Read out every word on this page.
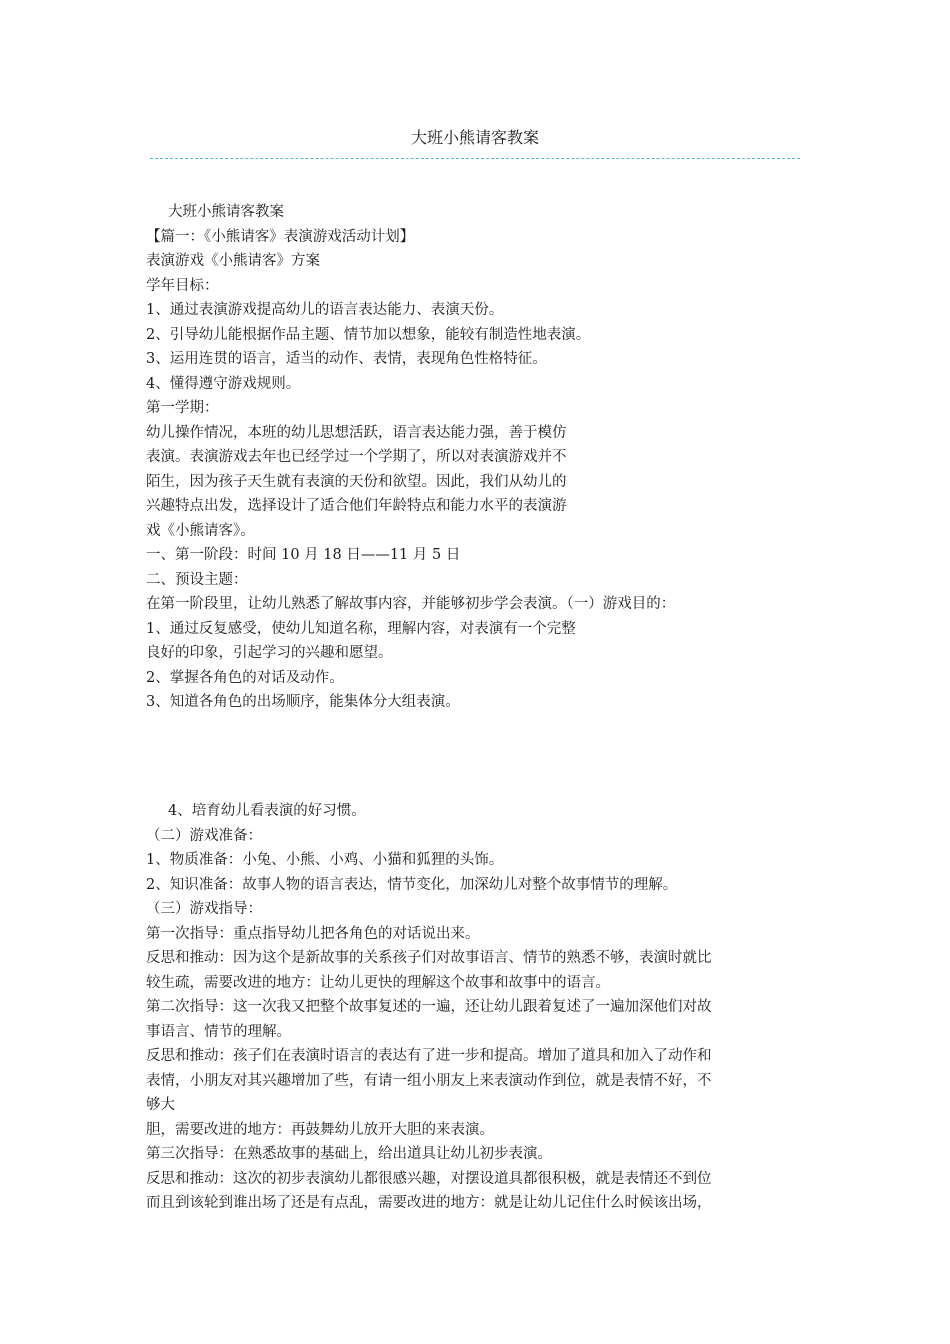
大班小熊请客教案
大班小熊请客教案
【篇一：《小熊请客》表演游戏活动计划】
表演游戏《小熊请客》方案
学年目标：
1、通过表演游戏提高幼儿的语言表达能力、表演天份。
2、引导幼儿能根据作品主题、情节加以想象，能较有制造性地表演。
3、运用连贯的语言，适当的动作、表情，表现角色性格特征。
4、懂得遵守游戏规则。
第一学期：
幼儿操作情况，本班的幼儿思想活跃，语言表达能力强，善于模仿
表演。表演游戏去年也已经学过一个学期了，所以对表演游戏并不
陌生，因为孩子天生就有表演的天份和欲望。因此，我们从幼儿的
兴趣特点出发，选择设计了适合他们年龄特点和能力水平的表演游
戏《小熊请客》。
一、第一阶段：时间 10 月 18 日——11 月 5 日
二、预设主题：
在第一阶段里，让幼儿熟悉了解故事内容，并能够初步学会表演。（一）游戏目的：
1、通过反复感受，使幼儿知道名称，理解内容，对表演有一个完整
良好的印象，引起学习的兴趣和愿望。
2、掌握各角色的对话及动作。
3、知道各角色的出场顺序，能集体分大组表演。
4、培育幼儿看表演的好习惯。
（二）游戏准备：
1、物质准备：小兔、小熊、小鸡、小猫和狐狸的头饰。
2、知识准备：故事人物的语言表达，情节变化，加深幼儿对整个故事情节的理解。
（三）游戏指导：
第一次指导：重点指导幼儿把各角色的对话说出来。
反思和推动：因为这个是新故事的关系孩子们对故事语言、情节的熟悉不够，表演时就比
较生疏，需要改进的地方：让幼儿更快的理解这个故事和故事中的语言。
第二次指导：这一次我又把整个故事复述的一遍，还让幼儿跟着复述了一遍加深他们对故
事语言、情节的理解。
反思和推动：孩子们在表演时语言的表达有了进一步和提高。增加了道具和加入了动作和
表情，小朋友对其兴趣增加了些，有请一组小朋友上来表演动作到位，就是表情不好，不
够大
胆，需要改进的地方：再鼓舞幼儿放开大胆的来表演。
第三次指导：在熟悉故事的基础上，给出道具让幼儿初步表演。
反思和推动：这次的初步表演幼儿都很感兴趣，对摆设道具都很积极，就是表情还不到位
而且到该轮到谁出场了还是有点乱，需要改进的地方：就是让幼儿记住什么时候该出场，
